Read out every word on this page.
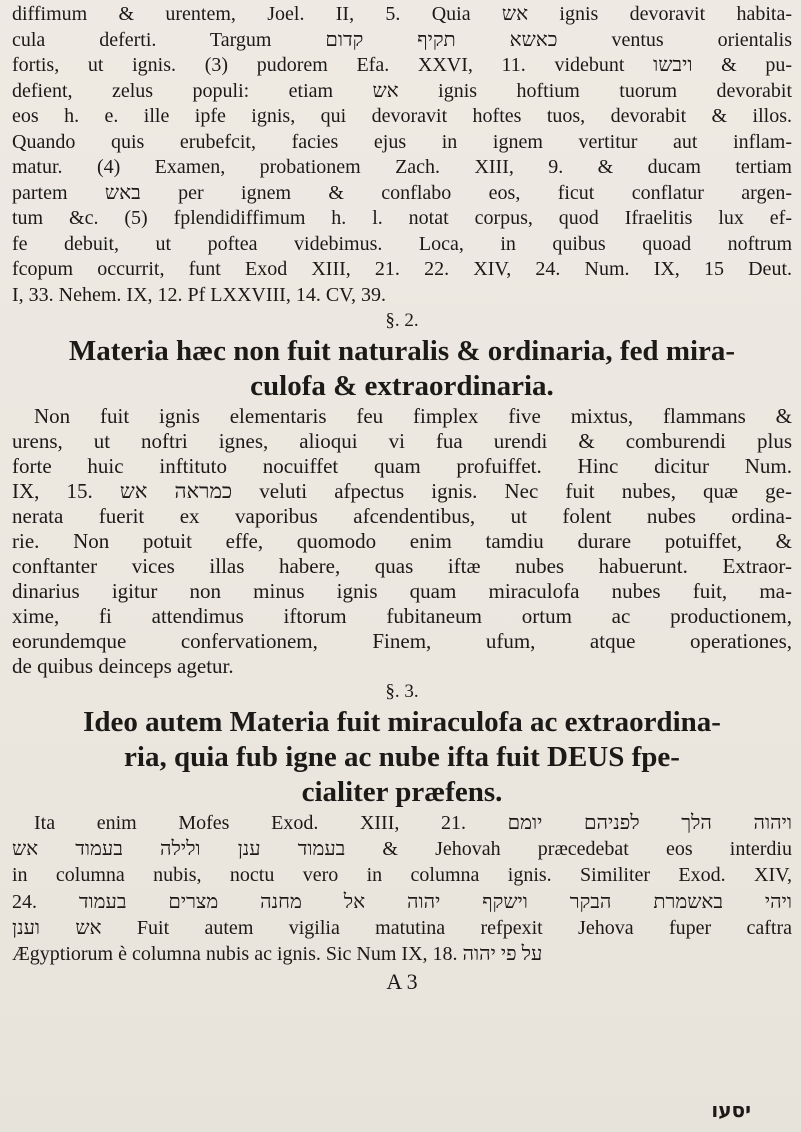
diffimum & urentem, Joel. II, 5. Quia אש ignis devoravit habita-
cula deferti. Targum כאשא תקיף קדום ventus orientalis
fortis, ut ignis. (3) pudorem Efa. XXVI, 11. videbunt ויבשו & pu-
defient, zelus populi: etiam אש ignis hoftium tuorum devorabit
eos h. e. ille ipfe ignis, qui devoravit hoftes tuos, devorabit & illos.
Quando quis erubefcit, facies ejus in ignem vertitur aut inflam-
matur. (4) Examen, probationem Zach. XIII, 9. & ducam tertiam
partem באש per ignem & conflabo eos, ficut conflatur argen-
tum &c. (5) fplendidiffimum h. l. notat corpus, quod Ifraelitis lux ef-
fe debuit, ut poftea videbimus. Loca, in quibus quoad noftrum
fcopum occurrit, funt Exod XIII, 21. 22. XIV, 24. Num. IX, 15 Deut.
I, 33. Nehem. IX, 12. Pf LXXVIII, 14. CV, 39.

§. 2.

Materia hæc non fuit naturalis & ordinaria, fed mira-

culofa & extraordinaria.

Non fuit ignis elementaris feu fimplex five mixtus, flammans &
urens, ut noftri ignes, alioqui vi fua urendi & comburendi plus
forte huic inftituto nocuiffet quam profuiffet. Hinc dicitur Num.
IX, 15. כמראה אש veluti afpectus ignis. Nec fuit nubes, quæ ge-
nerata fuerit ex vaporibus afcendentibus, ut folent nubes ordina-
rie. Non potuit effe, quomodo enim tamdiu durare potuiffet, &
conftanter vices illas habere, quas iftæ nubes habuerunt. Extraor-
dinarius igitur non minus ignis quam miraculofa nubes fuit, ma-
xime, fi attendimus iftorum fubitaneum ortum ac productionem,
eorundemque confervationem, Finem, ufum, atque operationes,
de quibus deinceps agetur.

§. 3.

Ideo autem Materia fuit miraculofa ac extraordina-

ria, quia fub igne ac nube ifta fuit DEUS fpe-

cialiter præfens.

Ita enim Mofes Exod. XIII, 21. ויהוה הלך לפניהם יומם
בעמוד ענן ולילה בעמוד אש & Jehovah præcedebat eos interdiu
in columna nubis, noctu vero in columna ignis. Similiter Exod. XIV,
24. ויהי באשמרת הבקר וישקף יהוה אל מחנה מצרים בעמוד
אש וענן Fuit autem vigilia matutina refpexit Jehova fuper caftra
Ægyptiorum è columna nubis ac ignis. Sic Num IX, 18. על פי יהוה

A 3
יסעו
